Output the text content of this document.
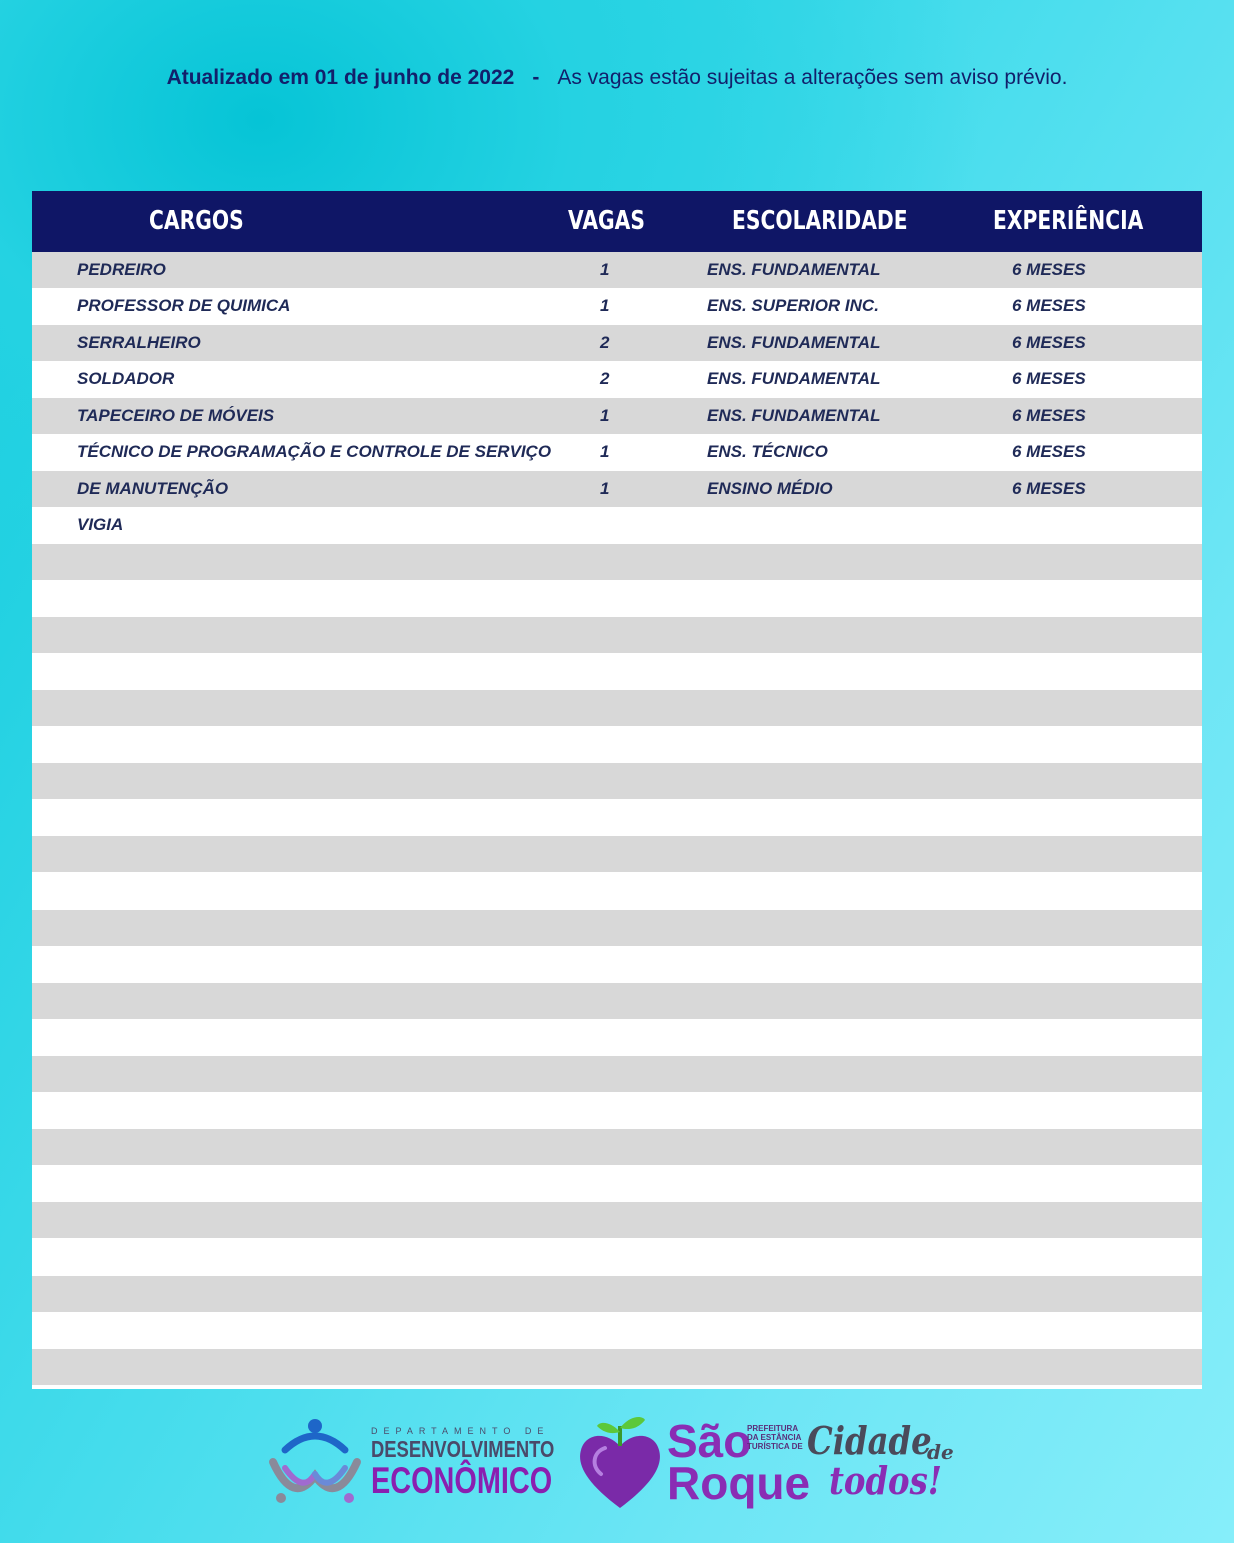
Atualizado em 01 de junho de 2022 - As vagas estão sujeitas a alterações sem aviso prévio.
CARGOS	VAGAS	ESCOLARIDADE	EXPERIÊNCIA
PEDREIRO	1	ENS. FUNDAMENTAL	6 MESES
PROFESSOR DE QUIMICA	1	ENS. SUPERIOR INC.	6 MESES
SERRALHEIRO	2	ENS. FUNDAMENTAL	6 MESES
SOLDADOR	2	ENS. FUNDAMENTAL	6 MESES
TAPECEIRO DE MÓVEIS	1	ENS. FUNDAMENTAL	6 MESES
TÉCNICO DE PROGRAMAÇÃO E CONTROLE DE SERVIÇO	1	ENS. TÉCNICO	6 MESES
DE MANUTENÇÃO	1	ENSINO MÉDIO	6 MESES
VIGIA
DEPARTAMENTO DE
DESENVOLVIMENTO
ECONÔMICO
São
Roque
PREFEITURA
DA ESTÂNCIA
TURÍSTICA DE Cidade
de
todos!
